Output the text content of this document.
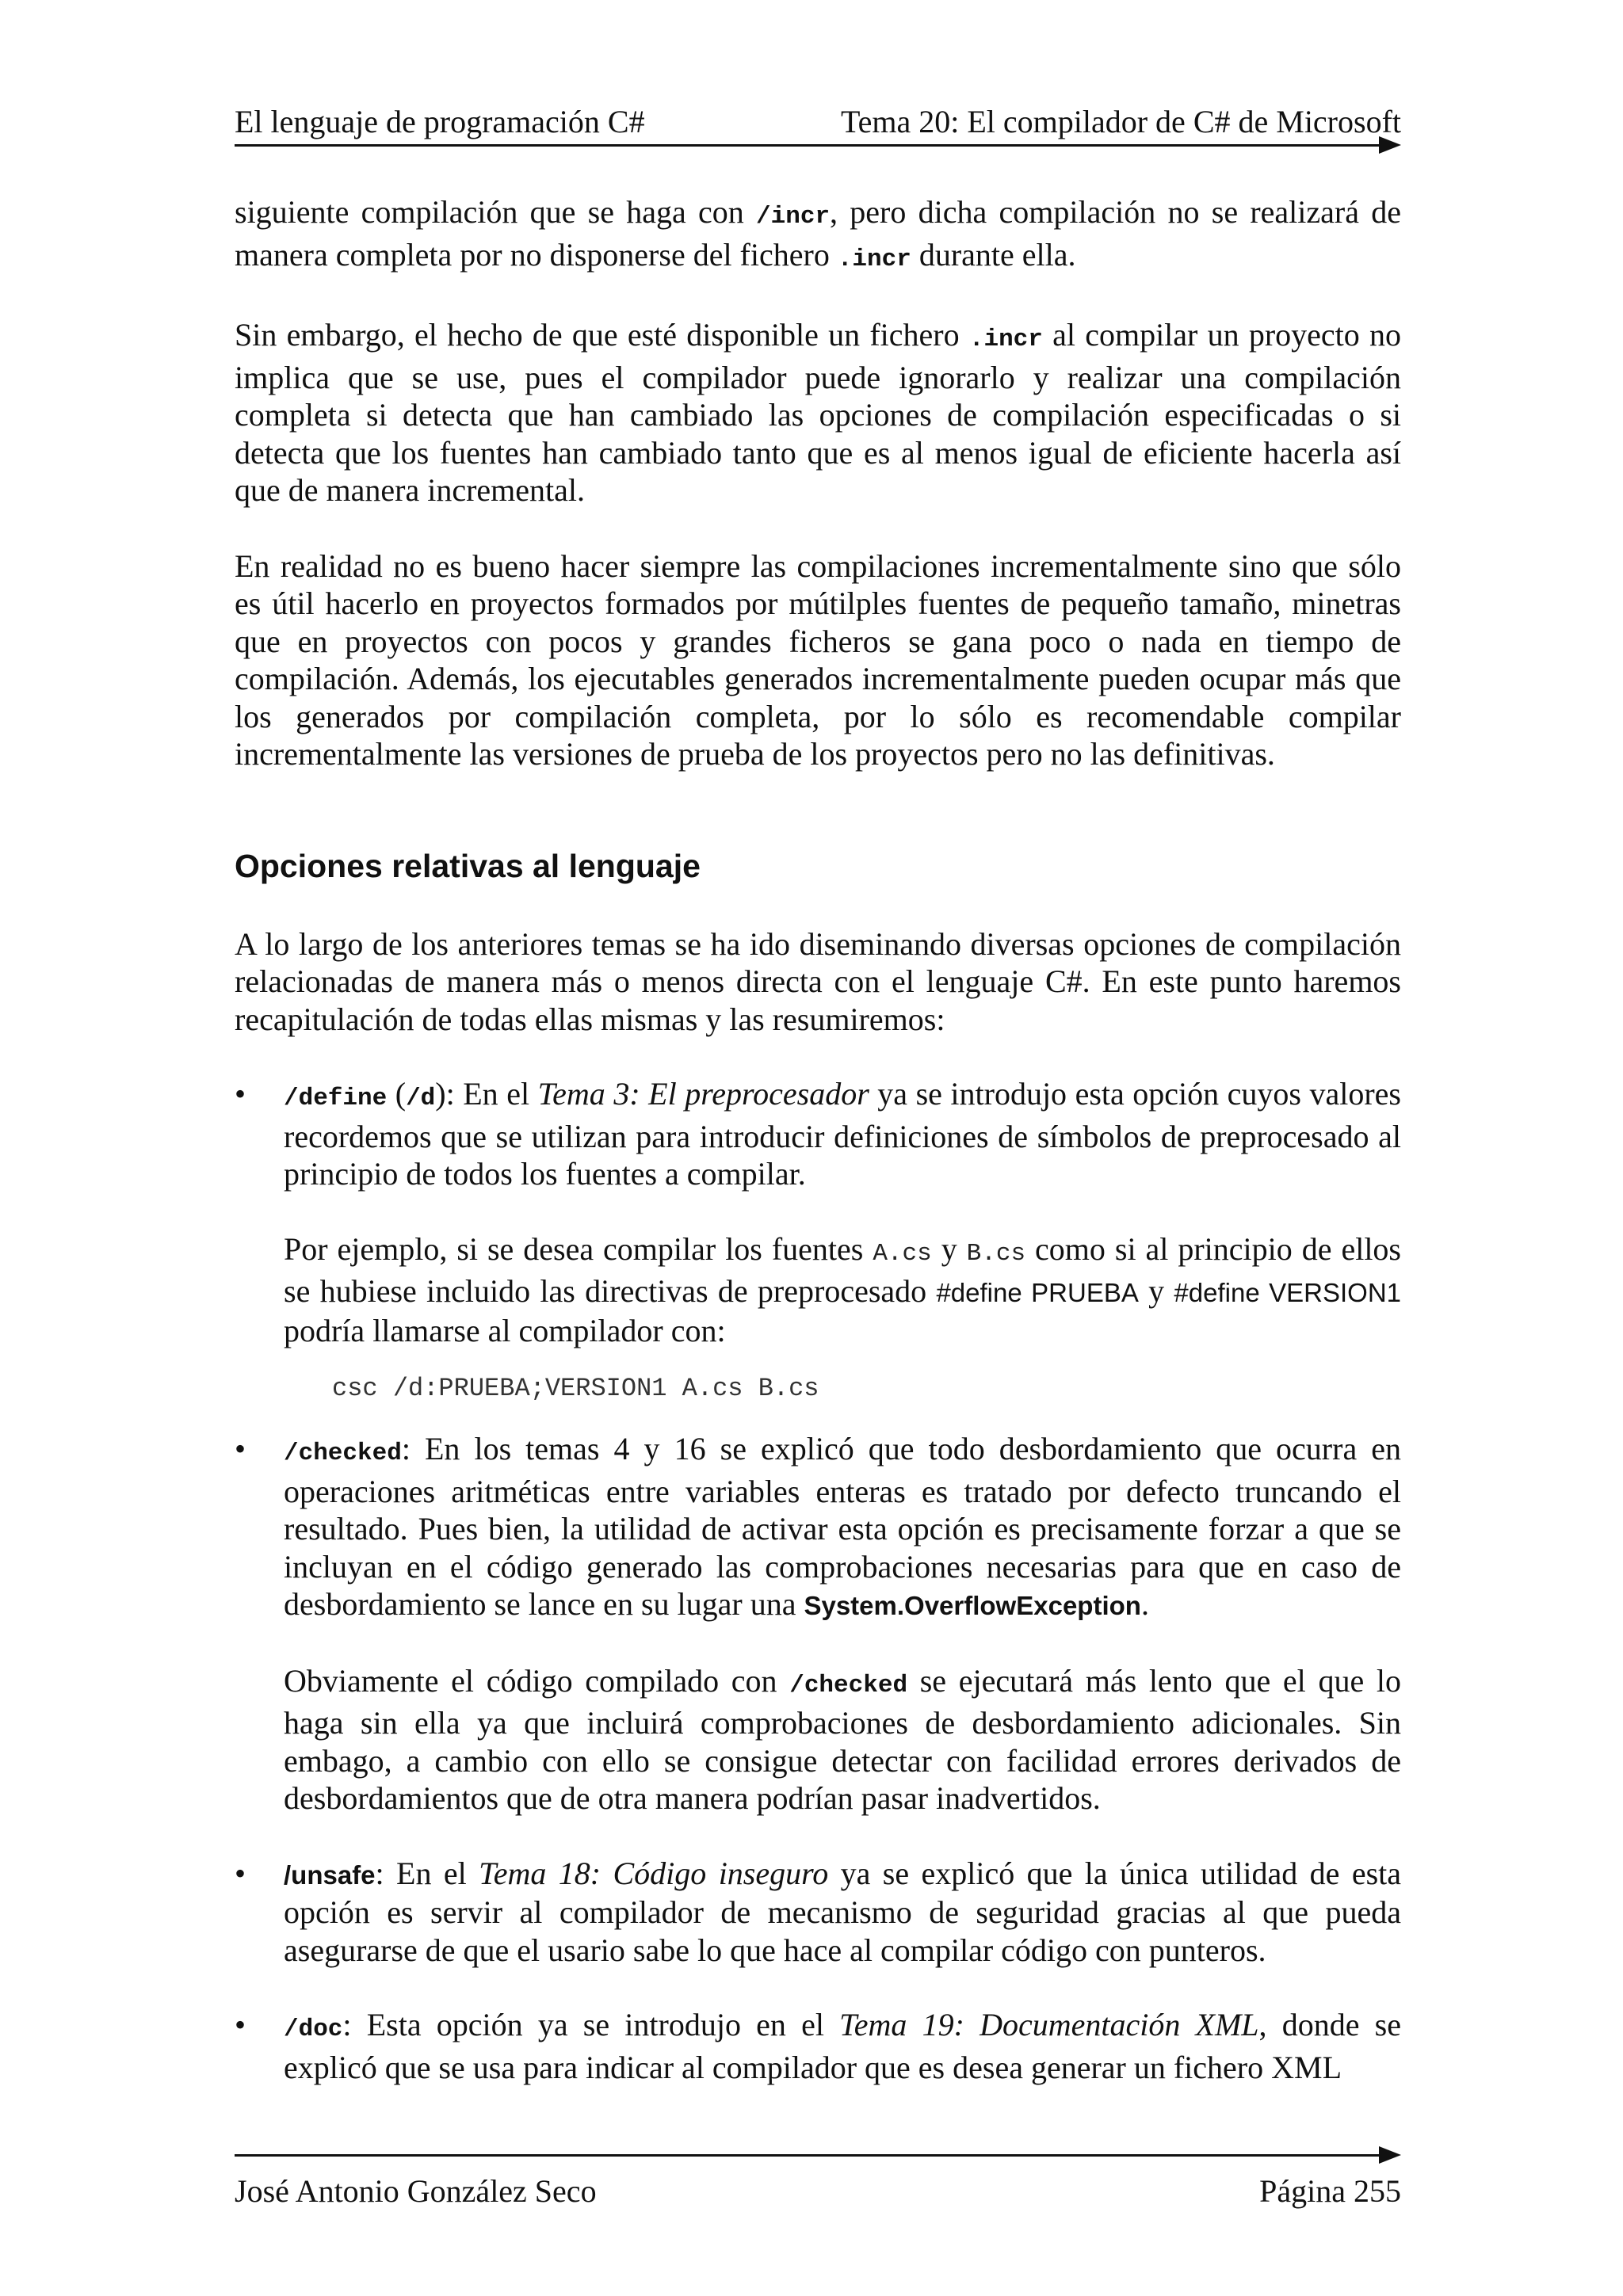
El lenguaje de programación C#	Tema 20: El compilador de C# de Microsoft

siguiente compilación que se haga con /incr, pero dicha compilación no se realizará de manera completa por no disponerse del fichero .incr durante ella.

Sin embargo, el hecho de que esté disponible un fichero .incr al compilar un proyecto no implica que se use, pues el compilador puede ignorarlo y realizar una compilación completa si detecta que han cambiado las opciones de compilación especificadas o si detecta que los fuentes han cambiado tanto que es al menos igual de eficiente hacerla así que de manera incremental.

En realidad no es bueno hacer siempre las compilaciones incrementalmente sino que sólo es útil hacerlo en proyectos formados por mútilples fuentes de pequeño tamaño, minetras que en proyectos con pocos y grandes ficheros se gana poco o nada en tiempo de compilación. Además, los ejecutables generados incrementalmente pueden ocupar más que los generados por compilación completa, por lo sólo es recomendable compilar incrementalmente las versiones de prueba de los proyectos pero no las definitivas.

Opciones relativas al lenguaje

A lo largo de los anteriores temas se ha ido diseminando diversas opciones de compilación relacionadas de manera más o menos directa con el lenguaje C#. En este punto haremos recapitulación de todas ellas mismas y las resumiremos:

• /define (/d): En el Tema 3: El preprocesador ya se introdujo esta opción cuyos valores recordemos que se utilizan para introducir definiciones de símbolos de preprocesado al principio de todos los fuentes a compilar.

Por ejemplo, si se desea compilar los fuentes A.cs y B.cs como si al principio de ellos se hubiese incluido las directivas de preprocesado #define PRUEBA y #define VERSION1 podría llamarse al compilador con:

csc /d:PRUEBA;VERSION1 A.cs B.cs
• /checked: En los temas 4 y 16 se explicó que todo desbordamiento que ocurra en operaciones aritméticas entre variables enteras es tratado por defecto truncando el resultado. Pues bien, la utilidad de activar esta opción es precisamente forzar a que se incluyan en el código generado las comprobaciones necesarias para que en caso de desbordamiento se lance en su lugar una System.OverflowException.

Obviamente el código compilado con /checked se ejecutará más lento que el que lo haga sin ella ya que incluirá comprobaciones de desbordamiento adicionales. Sin embago, a cambio con ello se consigue detectar con facilidad errores derivados de desbordamientos que de otra manera podrían pasar inadvertidos.

• /unsafe: En el Tema 18: Código inseguro ya se explicó que la única utilidad de esta opción es servir al compilador de mecanismo de seguridad gracias al que pueda asegurarse de que el usario sabe lo que hace al compilar código con punteros.

• /doc: Esta opción ya se introdujo en el Tema 19: Documentación XML, donde se explicó que se usa para indicar al compilador que es desea generar un fichero XML

José Antonio González Seco	Página 255
